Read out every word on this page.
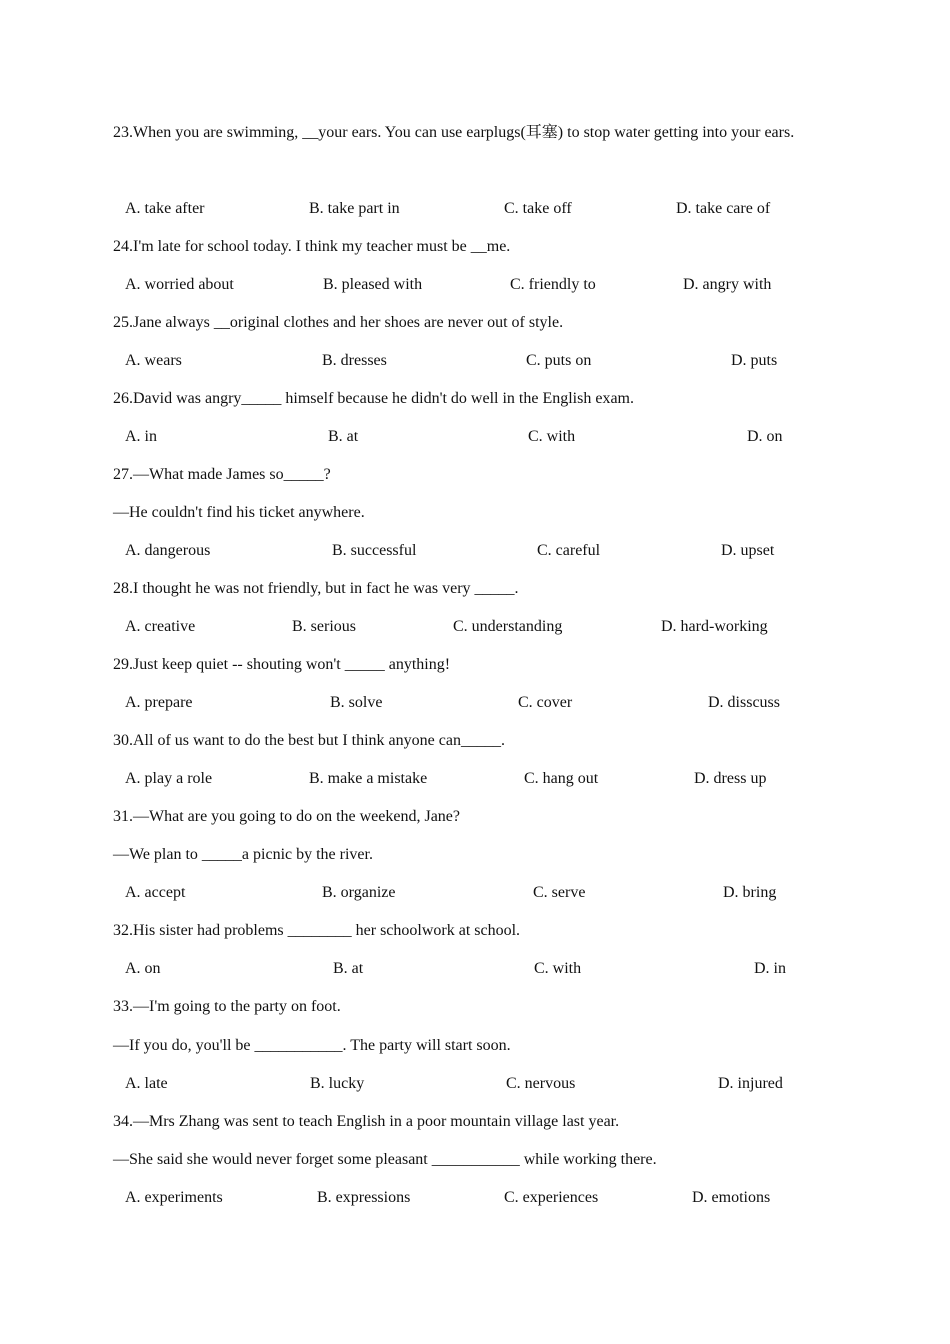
23.When you are swimming, __your ears. You can use earplugs(耳塞) to stop water getting into your ears.
A. take after	B. take part in	C. take off	D. take care of
24.I'm late for school today. I think my teacher must be __me.
A. worried about	B. pleased with	C. friendly to	D. angry with
25.Jane always __original clothes and her shoes are never out of style.
A. wears	B. dresses	C. puts on	D. puts
26.David was angry_____ himself because he didn't do well in the English exam.
A. in	B. at	C. with	D. on
27.—What made James so_____?
—He couldn't find his ticket anywhere.
A. dangerous	B. successful	C. careful	D. upset
28.I thought he was not friendly, but in fact he was very _____.
A. creative	B. serious	C. understanding	D. hard-working
29.Just keep quiet -- shouting won't _____ anything!
A. prepare	B. solve	C. cover	D. disscuss
30.All of us want to do the best but I think anyone can_____.
A. play a role	B. make a mistake	C. hang out	D. dress up
31.—What are you going to do on the weekend, Jane?
—We plan to _____a picnic by the river.
A. accept	B. organize	C. serve	D. bring
32.His sister had problems ________ her schoolwork at school.
A. on	B. at	C. with	D. in
33.—I'm going to the party on foot.
—If you do, you'll be ___________. The party will start soon.
A. late	B. lucky	C. nervous	D. injured
34.—Mrs Zhang was sent to teach English in a poor mountain village last year.
—She said she would never forget some pleasant ___________ while working there.
A. experiments	B. expressions	C. experiences	D. emotions
